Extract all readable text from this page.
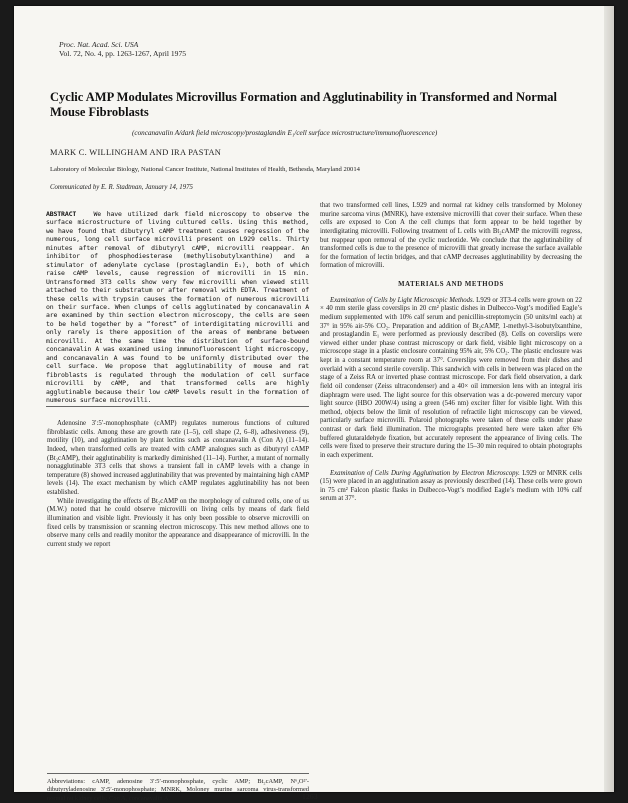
Proc. Nat. Acad. Sci. USA
Vol. 72, No. 4, pp. 1263-1267, April 1975
Cyclic AMP Modulates Microvillus Formation and Agglutinability in Transformed and Normal Mouse Fibroblasts
(concanavalin A/dark field microscopy/prostaglandin E₁/cell surface microstructure/immunofluorescence)
MARK C. WILLINGHAM AND IRA PASTAN
Laboratory of Molecular Biology, National Cancer Institute, National Institutes of Health, Bethesda, Maryland 20014
Communicated by E. R. Stadtman, January 14, 1975
ABSTRACT	We have utilized dark field microscopy to observe the surface microstructure of living cultured cells. Using this method, we have found that dibutyryl cAMP treatment causes regression of the numerous, long cell surface microvilli present on L929 cells. Thirty minutes after removal of dibutyryl cAMP, microvilli reappear. An inhibitor of phosphodiesterase (methylisobutylxanthine) and a stimulator of adenylate cyclase (prostaglandin E₁), both of which raise cAMP levels, cause regression of microvilli in 15 min. Untransformed 3T3 cells show very few microvilli when viewed still attached to their substratum or after removal with EDTA. Treatment of these cells with trypsin causes the formation of numerous microvilli on their surface. When clumps of cells agglutinated by concanavalin A are examined by thin section electron microscopy, the cells are seen to be held together by a “forest” of interdigitating microvilli and only rarely is there apposition of the areas of membrane between microvilli. At the same time the distribution of surface-bound concanavalin A was examined using immunofluorescent light microscopy, and concanavalin A was found to be uniformly distributed over the cell surface. We propose that agglutinability of mouse and rat fibroblasts is regulated through the modulation of cell surface microvilli by cAMP, and that transformed cells are highly agglutinable because their low cAMP levels result in the formation of numerous surface microvilli.

Adenosine 3′:5′-monophosphate (cAMP) regulates numerous functions of cultured fibroblastic cells. Among these are growth rate (1–5), cell shape (2, 6–8), adhesiveness (9), motility (10), and agglutination by plant lectins such as concanavalin A (Con A) (11–14). Indeed, when transformed cells are treated with cAMP analogues such as dibutyryl cAMP (Bt₂cAMP), their agglutinability is markedly diminished (11–14). Further, a mutant of normally nonagglutinable 3T3 cells that shows a transient fall in cAMP levels with a change in temperature (8) showed increased agglutinability that was prevented by maintaining high cAMP levels (14). The exact mechanism by which cAMP regulates agglutinability has not been established.

While investigating the effects of Bt₂cAMP on the morphology of cultured cells, one of us (M.W.) noted that he could observe microvilli on living cells by means of dark field illumination and visible light. Previously it has only been possible to observe microvilli on fixed cells by transmission or scanning electron microscopy. This new method allows one to observe many cells and readily monitor the appearance and disappearance of microvilli. In the current study we report

that two transformed cell lines, L929 and normal rat kidney cells transformed by Moloney murine sarcoma virus (MNRK), have extensive microvilli that cover their surface. When these cells are exposed to Con A the cell clumps that form appear to be held together by interdigitating microvilli. Following treatment of L cells with Bt₂cAMP the microvilli regress, but reappear upon removal of the cyclic nucleotide. We conclude that the agglutinability of transformed cells is due to the presence of microvilli that greatly increase the surface available for the formation of lectin bridges, and that cAMP decreases agglutinability by decreasing the formation of microvilli.

MATERIALS AND METHODS

Examination of Cells by Light Microscopic Methods. L929 or 3T3-4 cells were grown on 22 × 40 mm sterile glass coverslips in 20 cm² plastic dishes in Dulbecco-Vogt’s modified Eagle’s medium supplemented with 10% calf serum and penicillin-streptomycin (50 units/ml each) at 37° in 95% air-5% CO₂. Preparation and addition of Bt₂cAMP, 1-methyl-3-isobutylxanthine, and prostaglandin E₁ were performed as previously described (8). Cells on coverslips were viewed either under phase contrast microscopy or dark field, visible light microscopy on a microscope stage in a plastic enclosure containing 95% air, 5% CO₂. The plastic enclosure was kept in a constant temperature room at 37°. Coverslips were removed from their dishes and overlaid with a second sterile coverslip. This sandwich with cells in between was placed on the stage of a Zeiss RA or inverted phase contrast microscope. For dark field observation, a dark field oil condenser (Zeiss ultracondenser) and a 40× oil immersion lens with an integral iris diaphragm were used. The light source for this observation was a dc-powered mercury vapor light source (HBO 200W/4) using a green (546 nm) exciter filter for visible light. With this method, objects below the limit of resolution of refractile light microscopy can be viewed, particularly surface microvilli. Polaroid photographs were taken of these cells under phase contrast or dark field illumination. The micrographs presented here were taken after 6% buffered glutaraldehyde fixation, but accurately represent the appearance of living cells. The cells were fixed to preserve their structure during the 15–30 min required to obtain photographs in each experiment.

Examination of Cells During Agglutination by Electron Microscopy. L929 or MNRK cells (15) were placed in an agglutination assay as previously described (14). These cells were grown in 75 cm² Falcon plastic flasks in Dulbecco-Vogt’s modified Eagle’s medium with 10% calf serum at 37°.

Abbreviations: cAMP, adenosine 3′:5′-monophosphate, cyclic AMP; Bt₂cAMP, N⁶,O²′-dibutyryladenosine 3′:5′-monophosphate; MNRK, Moloney murine sarcoma virus-transformed normal rat kidney cells; Con A, concanavalin A.	1263
